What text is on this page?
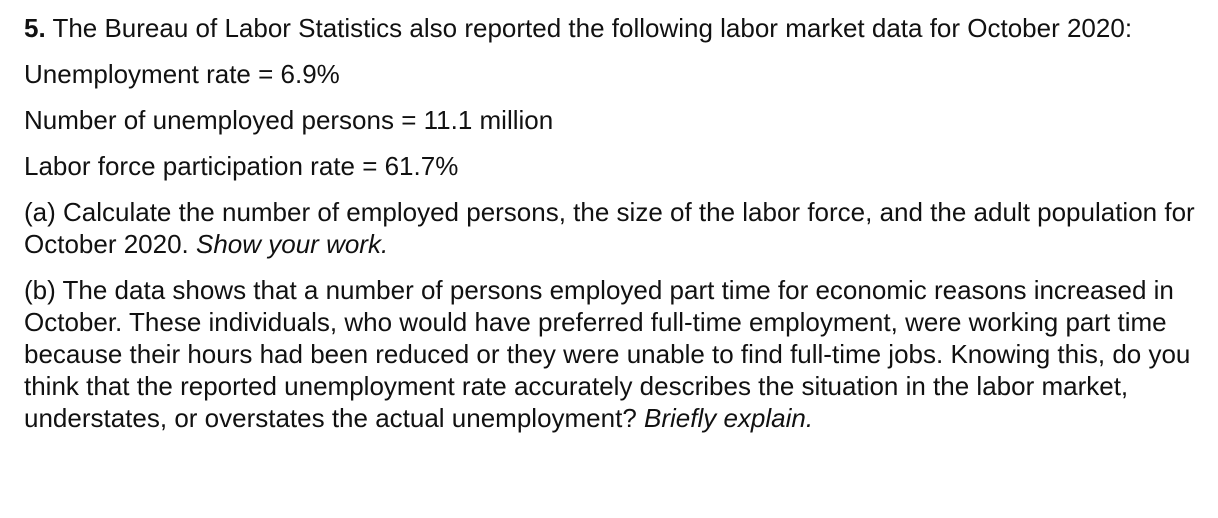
5. The Bureau of Labor Statistics also reported the following labor market data for October 2020:

Unemployment rate = 6.9%

Number of unemployed persons = 11.1 million

Labor force participation rate = 61.7%

(a) Calculate the number of employed persons, the size of the labor force, and the adult population for October 2020. Show your work.

(b) The data shows that a number of persons employed part time for economic reasons increased in October. These individuals, who would have preferred full-time employment, were working part time because their hours had been reduced or they were unable to find full-time jobs. Knowing this, do you think that the reported unemployment rate accurately describes the situation in the labor market, understates, or overstates the actual unemployment? Briefly explain.
